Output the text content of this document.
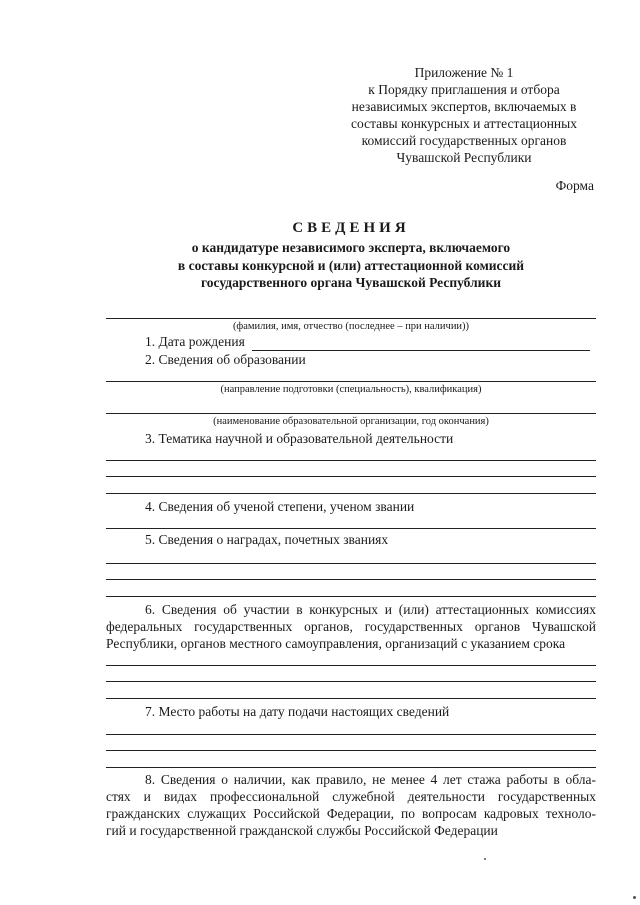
Приложение № 1
к Порядку приглашения и отбора
независимых экспертов, включаемых в
составы конкурсных и аттестационных
комиссий государственных органов
Чувашской Республики
Форма
СВЕДЕНИЯ
о кандидатуре независимого эксперта, включаемого
в составы конкурсной и (или) аттестационной комиссий
государственного органа Чувашской Республики
(фамилия, имя, отчество (последнее – при наличии))
1. Дата рождения
2. Сведения об образовании
(направление подготовки (специальность), квалификация)
(наименование образовательной организации, год окончания)
3. Тематика научной и образовательной деятельности
4. Сведения об ученой степени, ученом звании
5. Сведения о наградах, почетных званиях
6. Сведения об участии в конкурсных и (или) аттестационных комиссиях
федеральных государственных органов, государственных органов Чувашской
Республики, органов местного самоуправления, организаций с указанием срока
7. Место работы на дату подачи настоящих сведений
8. Сведения о наличии, как правило, не менее 4 лет стажа работы в обла-
стях и видах профессиональной служебной деятельности государственных
гражданских служащих Российской Федерации, по вопросам кадровых техноло-
гий и государственной гражданской службы Российской Федерации
